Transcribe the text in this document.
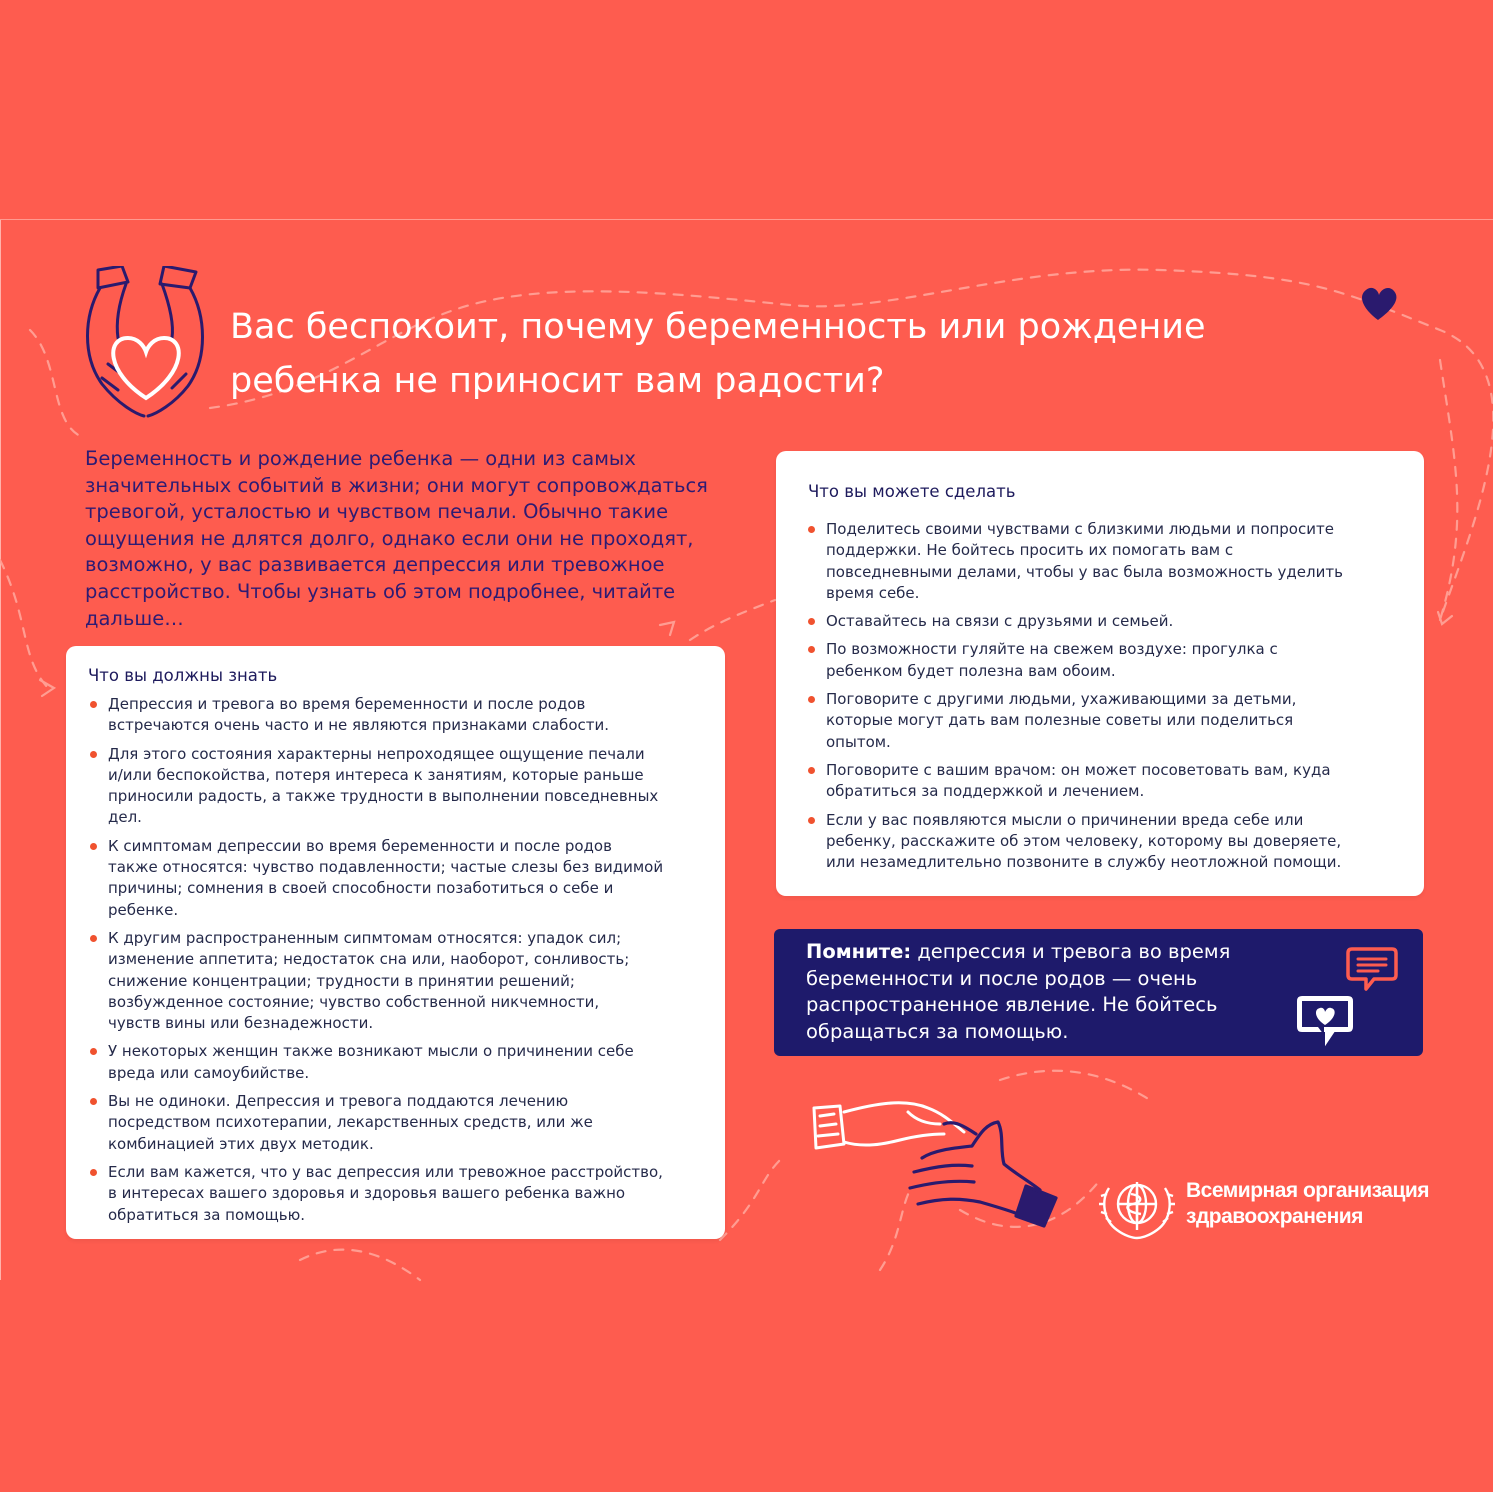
Вас беспокоит, почему беременность или рождение
ребенка не приносит вам радости?
Беременность и рождение ребенка — одни из самых
значительных событий в жизни; они могут сопровождаться
тревогой, усталостью и чувством печали. Обычно такие
ощущения не длятся долго, однако если они не проходят,
возможно, у вас развивается депрессия или тревожное
расстройство. Чтобы узнать об этом подробнее, читайте
дальше…
Что вы должны знать
Депрессия и тревога во время беременности и после родов
встречаются очень часто и не являются признаками слабости.
Для этого состояния характерны непроходящее ощущение печали
и/или беспокойства, потеря интереса к занятиям, которые раньше
приносили радость, а также трудности в выполнении повседневных
дел.
К симптомам депрессии во время беременности и после родов
также относятся: чувство подавленности; частые слезы без видимой
причины; сомнения в своей способности позаботиться о себе и
ребенке.
К другим распространенным сипмтомам относятся: упадок сил;
изменение аппетита; недостаток сна или, наоборот, сонливость;
снижение концентрации; трудности в принятии решений;
возбужденное состояние; чувство собственной никчемности,
чувств вины или безнадежности.
У некоторых женщин также возникают мысли о причинении себе
вреда или самоубийстве.
Вы не одиноки. Депрессия и тревога поддаются лечению
посредством психотерапии, лекарственных средств, или же
комбинацией этих двух методик.
Если вам кажется, что у вас депрессия или тревожное расстройство,
в интересах вашего здоровья и здоровья вашего ребенка важно
обратиться за помощью.
Что вы можете сделать
Поделитесь своими чувствами с близкими людьми и попросите
поддержки. Не бойтесь просить их помогать вам с
повседневными делами, чтобы у вас была возможность уделить
время себе.
Оставайтесь на связи с друзьями и семьей.
По возможности гуляйте на свежем воздухе: прогулка с
ребенком будет полезна вам обоим.
Поговорите с другими людьми, ухаживающими за детьми,
которые могут дать вам полезные советы или поделиться
опытом.
Поговорите с вашим врачом: он может посоветовать вам, куда
обратиться за поддержкой и лечением.
Если у вас появляются мысли о причинении вреда себе или
ребенку, расскажите об этом человеку, которому вы доверяете,
или незамедлительно позвоните в службу неотложной помощи.
Помните: депрессия и тревога во время
беременности и после родов — очень
распространенное явление. Не бойтесь
обращаться за помощью.
Всемирная организация
здравоохранения
